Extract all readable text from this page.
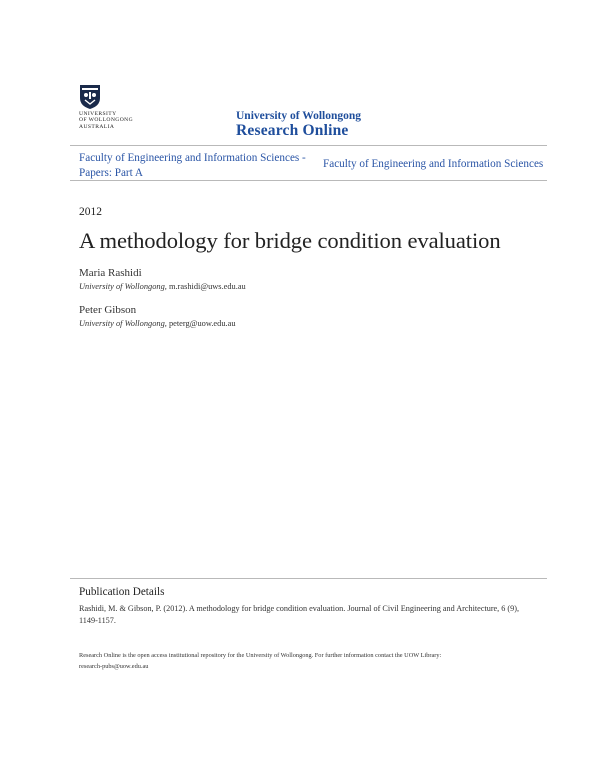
UNIVERSITY
OF WOLLONGONG
AUSTRALIA
University of Wollongong
Research Online
Faculty of Engineering and Information Sciences -
Papers: Part A
Faculty of Engineering and Information Sciences
2012
A methodology for bridge condition evaluation
Maria Rashidi
University of Wollongong, m.rashidi@uws.edu.au
Peter Gibson
University of Wollongong, peterg@uow.edu.au
Publication Details
Rashidi, M. & Gibson, P. (2012). A methodology for bridge condition evaluation. Journal of Civil Engineering and Architecture, 6 (9),
1149-1157.
Research Online is the open access institutional repository for the University of Wollongong. For further information contact the UOW Library:
research-pubs@uow.edu.au
